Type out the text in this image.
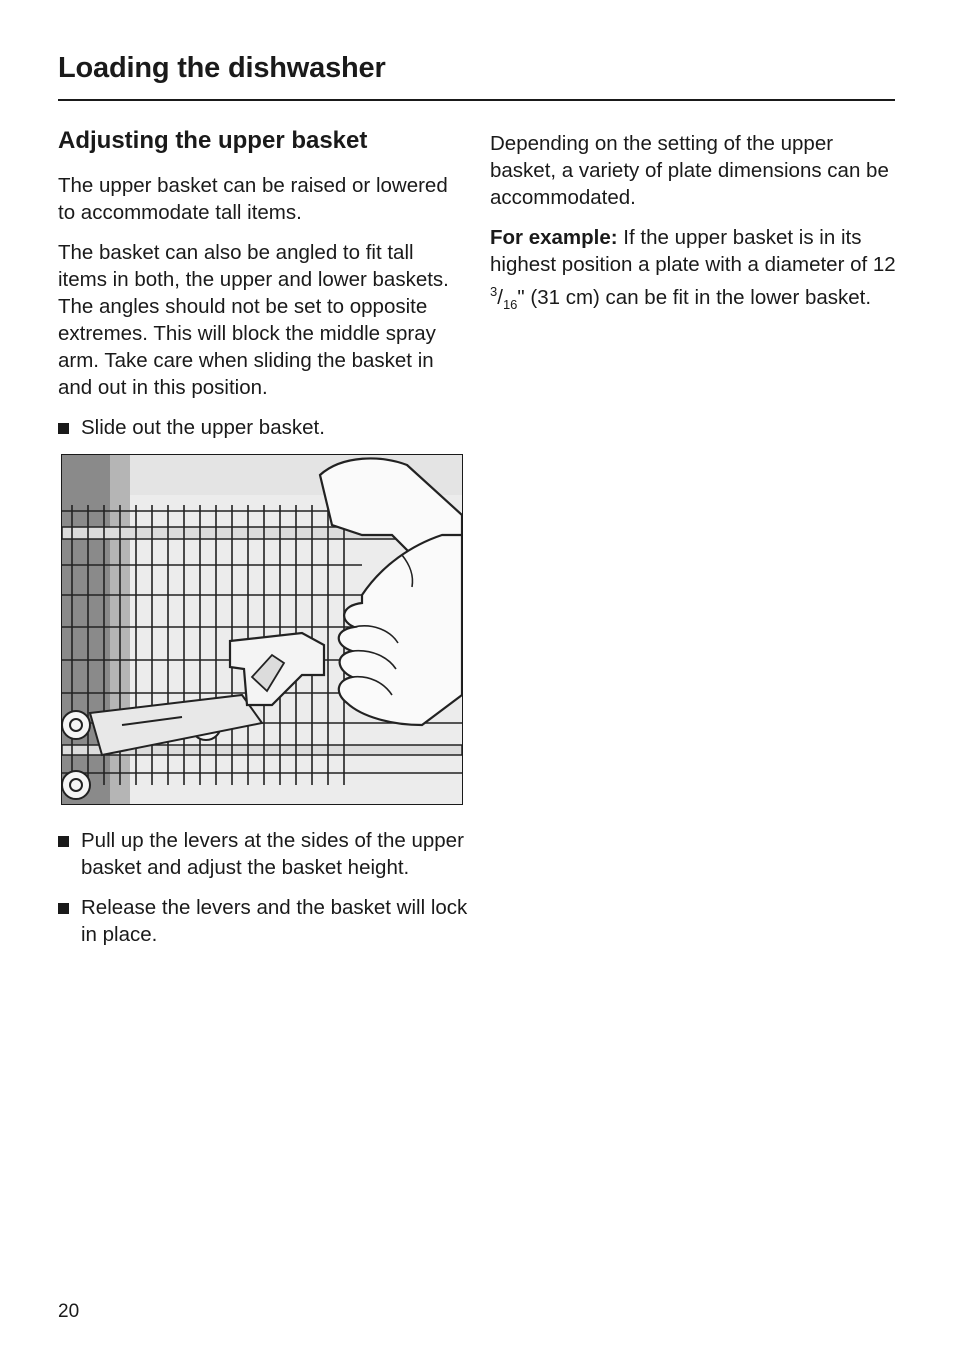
Loading the dishwasher
Adjusting the upper basket

The upper basket can be raised or lowered to accommodate tall items.

The basket can also be angled to fit tall items in both, the upper and lower baskets. The angles should not be set to opposite extremes. This will block the middle spray arm. Take care when sliding the basket in and out in this position.

Slide out the upper basket.
Pull up the levers at the sides of the upper basket and adjust the basket height.
Release the levers and the basket will lock in place.

Depending on the setting of the upper basket, a variety of plate dimensions can be accommodated.

For example: If the upper basket is in its highest position a plate with a diameter of 12 $^3/_{16}$" (31 cm) can be fit in the lower basket.

20
